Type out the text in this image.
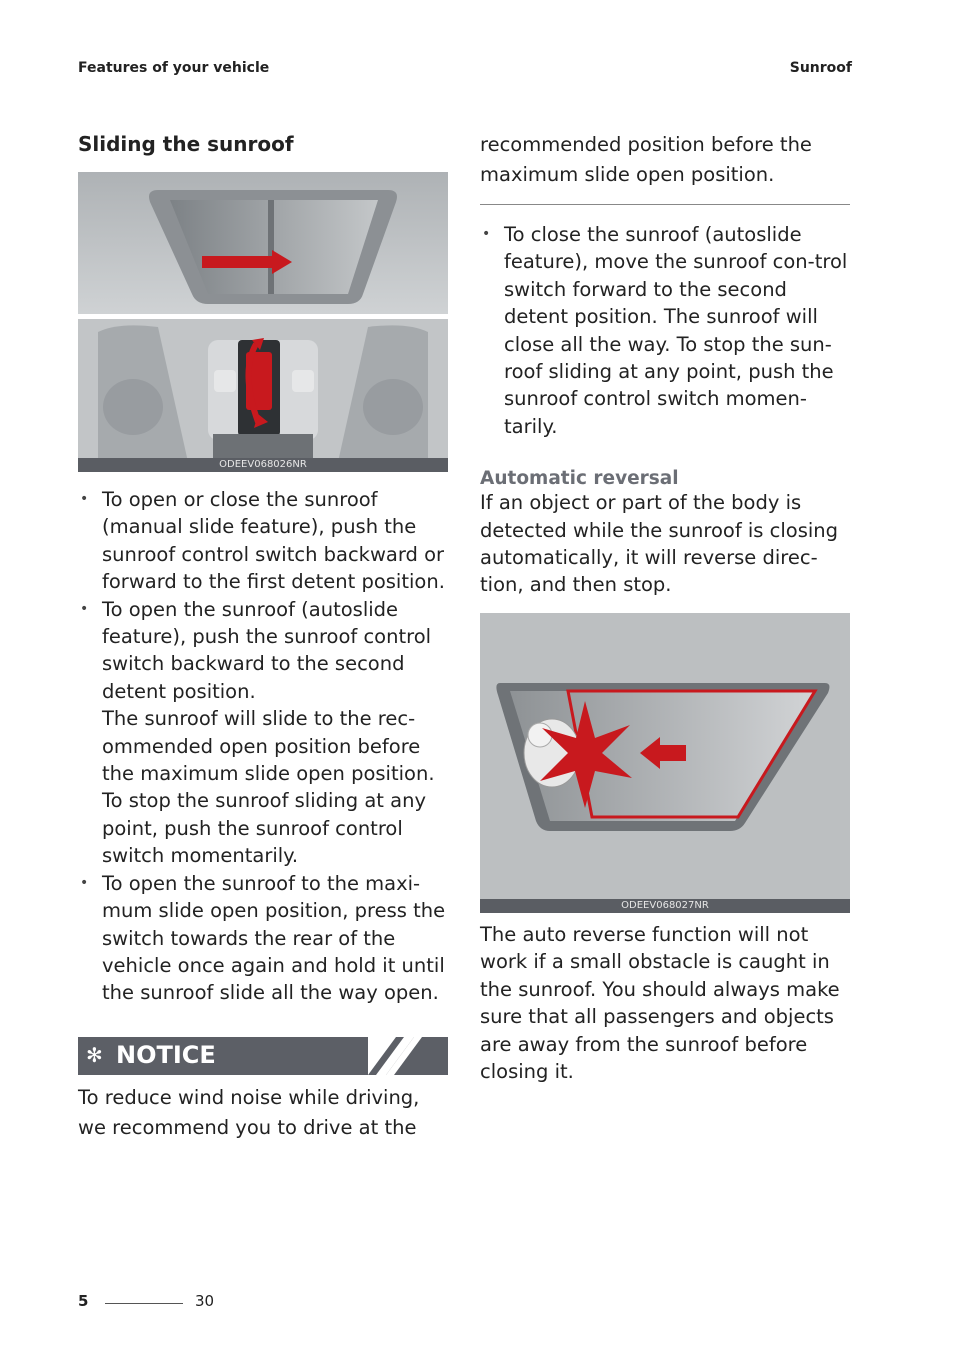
Features of your vehicle	Sunroof
Sliding the sunroof
ODEEV068026NR
• To open or close the sunroof (manual slide feature), push the sunroof control switch backward or forward to the first detent position.
• To open the sunroof (autoslide feature), push the sunroof control switch backward to the second detent position.
The sunroof will slide to the rec-ommended open position before the maximum slide open position. To stop the sunroof sliding at any point, push the sunroof control switch momentarily.
• To open the sunroof to the maxi-mum slide open position, press the switch towards the rear of the vehicle once again and hold it until the sunroof slide all the way open.
✻ NOTICE
To reduce wind noise while driving, we recommend you to drive at the
recommended position before the maximum slide open position.
• To close the sunroof (autoslide feature), move the sunroof con-trol switch forward to the second detent position. The sunroof will close all the way. To stop the sun-roof sliding at any point, push the sunroof control switch momen-tarily.
Automatic reversal

If an object or part of the body is detected while the sunroof is closing automatically, it will reverse direc-tion, and then stop.

ODEEV068027NR

The auto reverse function will not work if a small obstacle is caught in the sunroof. You should always make sure that all passengers and objects are away from the sunroof before closing it.

5	30
